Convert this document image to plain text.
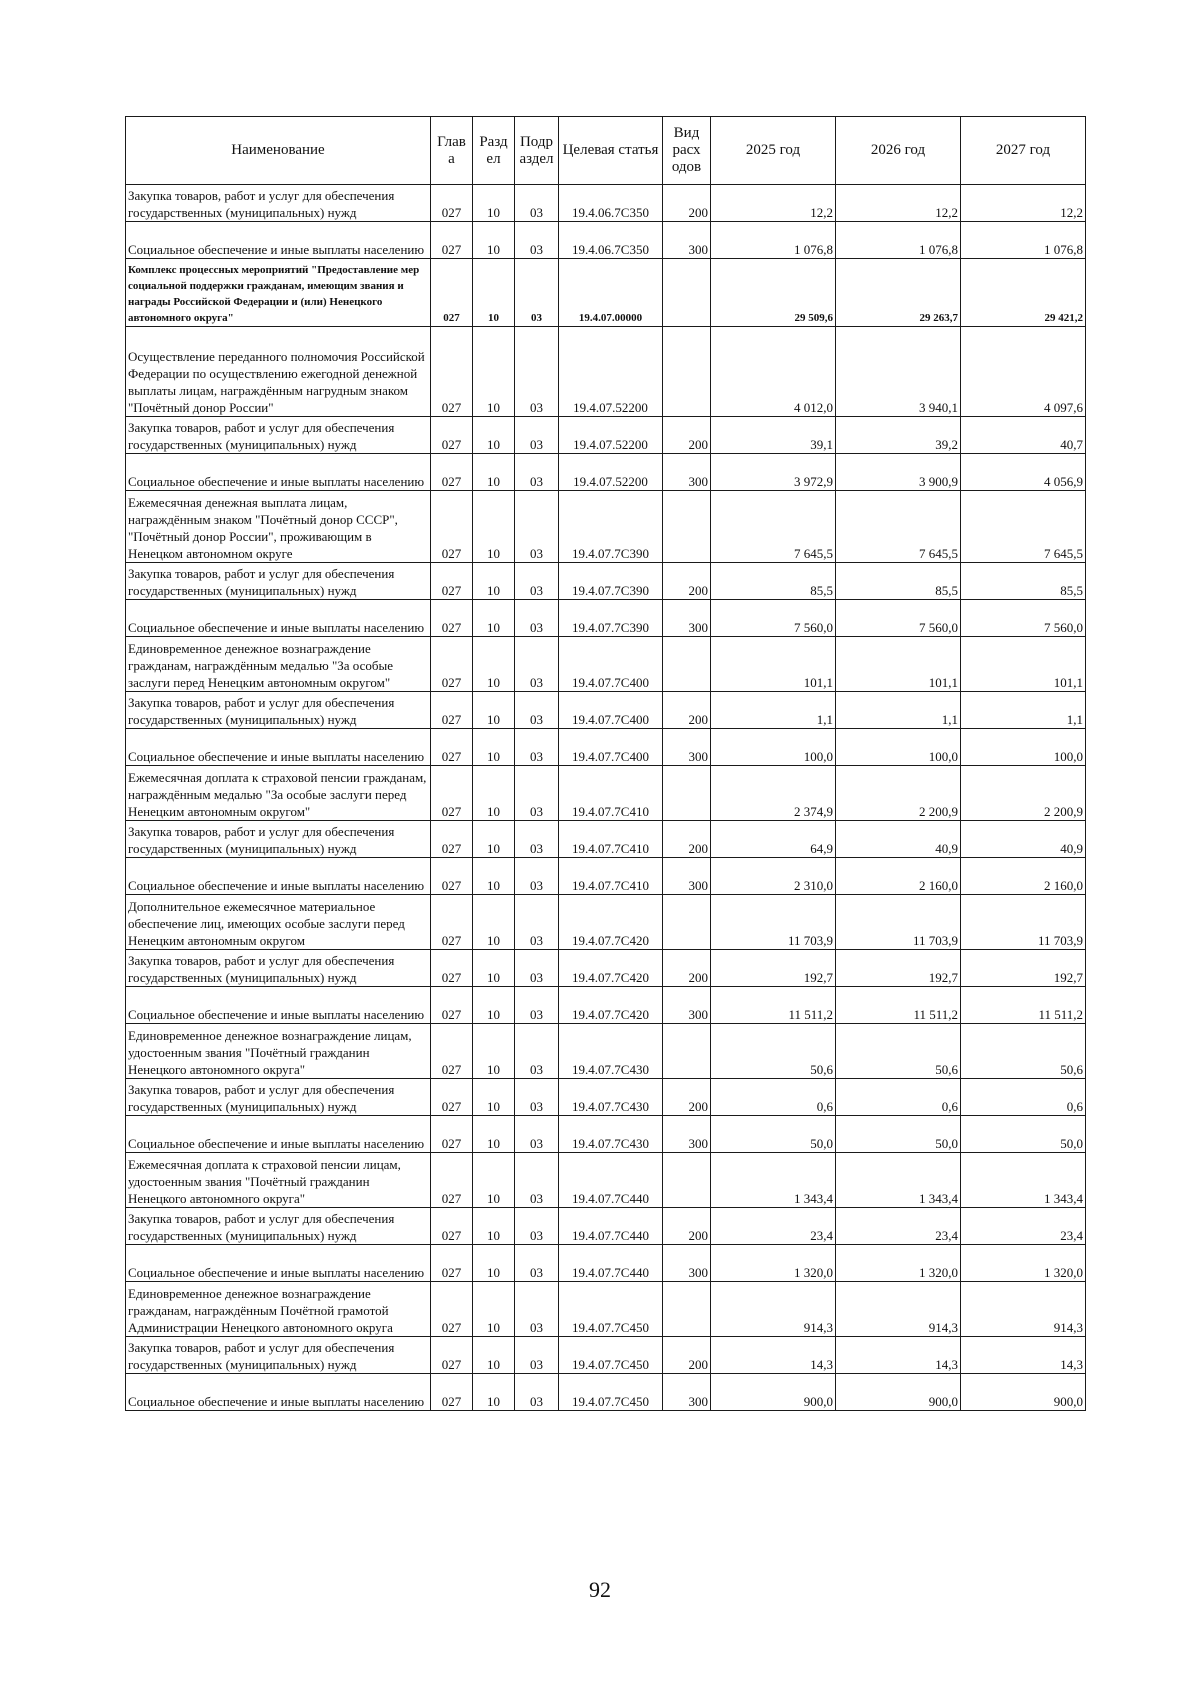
Наименование	Глав а	Разд ел	Подр аздел	Целевая статья	Вид расх одов	2025 год	2026 год	2027 год
Закупка товаров, работ и услуг для обеспечения государственных (муниципальных) нужд	027	10	03	19.4.06.7С350	200	12,2	12,2	12,2
Социальное обеспечение и иные выплаты населению	027	10	03	19.4.06.7С350	300	1 076,8	1 076,8	1 076,8
Комплекс процессных мероприятий "Предоставление мер социальной поддержки гражданам, имеющим звания и награды Российской Федерации и (или) Ненецкого автономного округа"	027	10	03	19.4.07.00000		29 509,6	29 263,7	29 421,2
Осуществление переданного полномочия Российской Федерации по осуществлению ежегодной денежной выплаты лицам, награждённым нагрудным знаком "Почётный донор России"	027	10	03	19.4.07.52200		4 012,0	3 940,1	4 097,6
Закупка товаров, работ и услуг для обеспечения государственных (муниципальных) нужд	027	10	03	19.4.07.52200	200	39,1	39,2	40,7
Социальное обеспечение и иные выплаты населению	027	10	03	19.4.07.52200	300	3 972,9	3 900,9	4 056,9
Ежемесячная денежная выплата лицам, награждённым знаком "Почётный донор СССР", "Почётный донор России", проживающим в Ненецком автономном округе	027	10	03	19.4.07.7С390		7 645,5	7 645,5	7 645,5
Закупка товаров, работ и услуг для обеспечения государственных (муниципальных) нужд	027	10	03	19.4.07.7С390	200	85,5	85,5	85,5
Социальное обеспечение и иные выплаты населению	027	10	03	19.4.07.7С390	300	7 560,0	7 560,0	7 560,0
Единовременное денежное вознаграждение гражданам, награждённым медалью "За особые заслуги перед Ненецким автономным округом"	027	10	03	19.4.07.7С400		101,1	101,1	101,1
Закупка товаров, работ и услуг для обеспечения государственных (муниципальных) нужд	027	10	03	19.4.07.7С400	200	1,1	1,1	1,1
Социальное обеспечение и иные выплаты населению	027	10	03	19.4.07.7С400	300	100,0	100,0	100,0
Ежемесячная доплата к страховой пенсии гражданам, награждённым медалью "За особые заслуги перед Ненецким автономным округом"	027	10	03	19.4.07.7С410		2 374,9	2 200,9	2 200,9
Закупка товаров, работ и услуг для обеспечения государственных (муниципальных) нужд	027	10	03	19.4.07.7С410	200	64,9	40,9	40,9
Социальное обеспечение и иные выплаты населению	027	10	03	19.4.07.7С410	300	2 310,0	2 160,0	2 160,0
Дополнительное ежемесячное материальное обеспечение лиц, имеющих особые заслуги перед Ненецким автономным округом	027	10	03	19.4.07.7С420		11 703,9	11 703,9	11 703,9
Закупка товаров, работ и услуг для обеспечения государственных (муниципальных) нужд	027	10	03	19.4.07.7С420	200	192,7	192,7	192,7
Социальное обеспечение и иные выплаты населению	027	10	03	19.4.07.7С420	300	11 511,2	11 511,2	11 511,2
Единовременное денежное вознаграждение лицам, удостоенным звания "Почётный гражданин Ненецкого автономного округа"	027	10	03	19.4.07.7С430		50,6	50,6	50,6
Закупка товаров, работ и услуг для обеспечения государственных (муниципальных) нужд	027	10	03	19.4.07.7С430	200	0,6	0,6	0,6
Социальное обеспечение и иные выплаты населению	027	10	03	19.4.07.7С430	300	50,0	50,0	50,0
Ежемесячная доплата к страховой пенсии лицам, удостоенным звания "Почётный гражданин Ненецкого автономного округа"	027	10	03	19.4.07.7С440		1 343,4	1 343,4	1 343,4
Закупка товаров, работ и услуг для обеспечения государственных (муниципальных) нужд	027	10	03	19.4.07.7С440	200	23,4	23,4	23,4
Социальное обеспечение и иные выплаты населению	027	10	03	19.4.07.7С440	300	1 320,0	1 320,0	1 320,0
Единовременное денежное вознаграждение гражданам, награждённым Почётной грамотой Администрации Ненецкого автономного округа	027	10	03	19.4.07.7С450		914,3	914,3	914,3
Закупка товаров, работ и услуг для обеспечения государственных (муниципальных) нужд	027	10	03	19.4.07.7С450	200	14,3	14,3	14,3
Социальное обеспечение и иные выплаты населению	027	10	03	19.4.07.7С450	300	900,0	900,0	900,0
92
